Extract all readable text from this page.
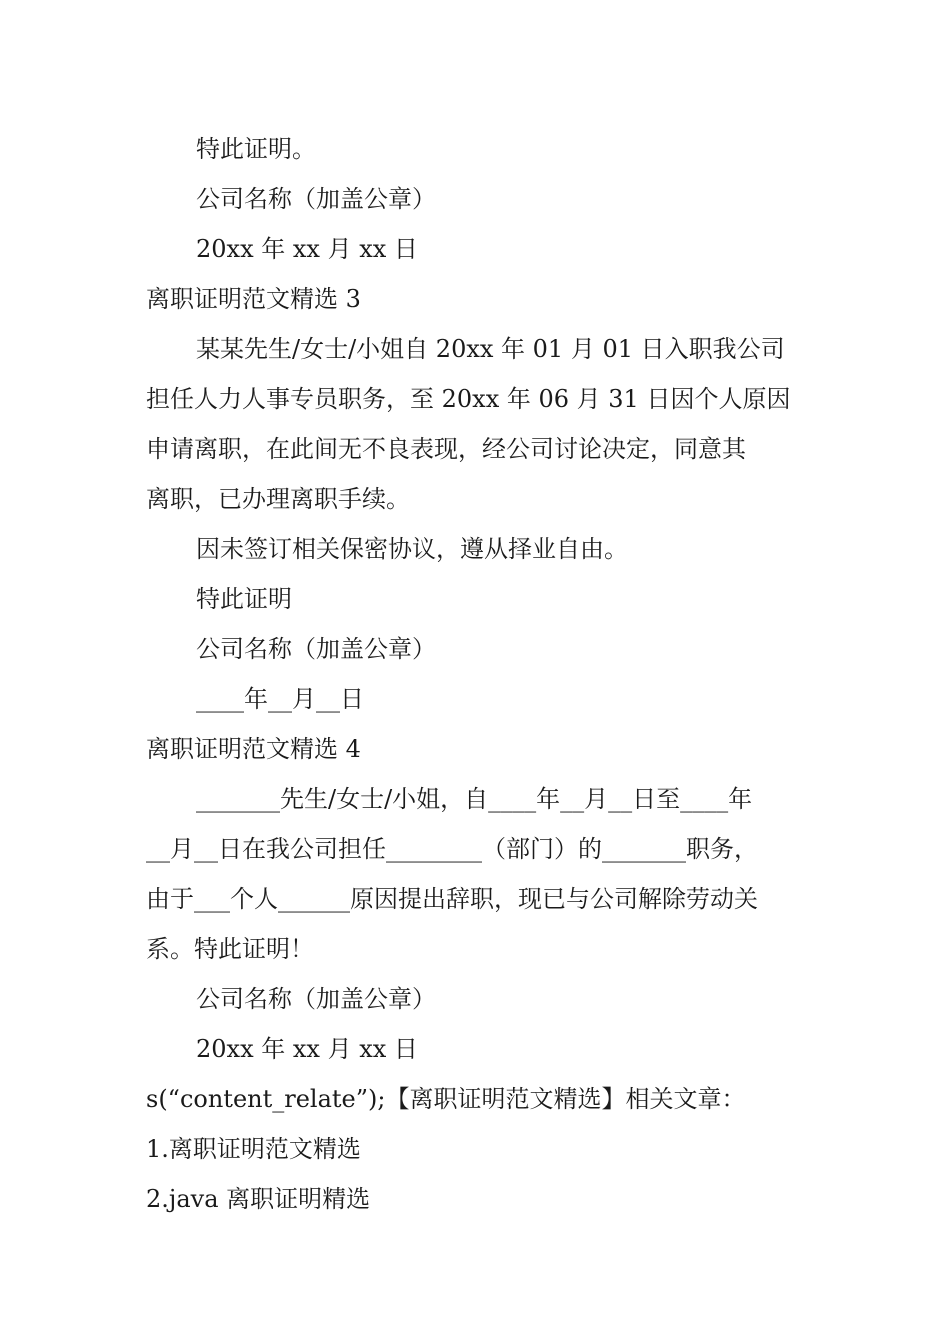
特此证明。
公司名称（加盖公章）
20xx 年 xx 月 xx 日
离职证明范文精选 3
某某先生/女士/小姐自 20xx 年 01 月 01 日入职我公司
担任人力人事专员职务，至 20xx 年 06 月 31 日因个人原因
申请离职，在此间无不良表现，经公司讨论决定，同意其
离职，已办理离职手续。
因未签订相关保密协议，遵从择业自由。
特此证明
公司名称（加盖公章）
____年__月__日
离职证明范文精选 4
_______先生/女士/小姐，自____年__月__日至____年
__月__日在我公司担任________（部门）的_______职务，
由于___个人______原因提出辞职，现已与公司解除劳动关
系。特此证明！
公司名称（加盖公章）
20xx 年 xx 月 xx 日
s(“content_relate”);【离职证明范文精选】相关文章：
1.离职证明范文精选
2.java 离职证明精选
